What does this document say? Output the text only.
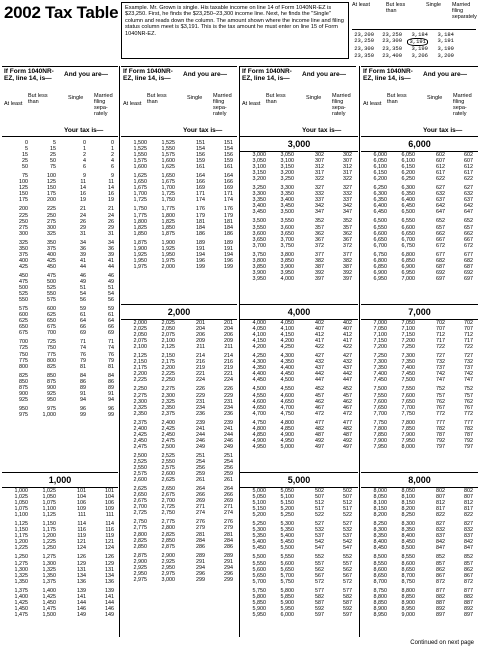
2002 Tax Table	Example. Mr. Grown is single. His taxable income on line 14 of Form 1040NR-EZ is $23,250. First, he finds the $23,250–23,300 income line. Next, he finds the "Single" column and reads down the column. The amount shown where the income line and filing status column meet is $3,191. This is the tax amount he must enter on line 15 of Form 1040NR-EZ.
At least	But less than
Single	Married filing separately
23,200	23,250	3,184	3,184
23,250	23,300	3,191	3,191
23,300	23,350	3,199	3,199
23,350	23,400	3,206	3,209
If Form 1040NR-EZ, line 14, is—
And you are—
At least
But less than
Single	Married filing sepa-rately
Your tax is—
If Form 1040NR-EZ, line 14, is—
And you are—
At least
But less than
Single	Married filing sepa-rately
Your tax is—
If Form 1040NR-EZ, line 14, is—
And you are—
At least
But less than
Single	Married filing sepa-rately
Your tax is—
If Form 1040NR-EZ, line 14, is—
And you are—
At least
But less than
Single	Married filing sepa-rately
Your tax is—
1,000
2,000
3,000
4,000
5,000
6,000
7,000
8,000
0	5	0	0
5	15	1	1
15	25	2	2
25	50	4	4
50	75	6	6
75	100	9	9
100	125	11	11
125	150	14	14
150	175	16	16
175	200	19	19
200	225	21	21
225	250	24	24
250	275	26	26
275	300	29	29
300	325	31	31
325	350	34	34
350	375	36	36
375	400	39	39
400	425	41	41
425	450	44	44
450	475	46	46
475	500	49	49
500	525	51	51
525	550	54	54
550	575	56	56
575	600	59	59
600	625	61	61
625	650	64	64
650	675	66	66
675	700	69	69
700	725	71	71
725	750	74	74
750	775	76	76
775	800	79	79
800	825	81	81
825	850	84	84
850	875	86	86
875	900	89	89
900	925	91	91
925	950	94	94
950	975	96	96
975	1,000	99	99
1,000	1,025	101	101
1,025	1,050	104	104
1,050	1,075	106	106
1,075	1,100	109	109
1,100	1,125	111	111
1,125	1,150	114	114
1,150	1,175	116	116
1,175	1,200	119	119
1,200	1,225	121	121
1,225	1,250	124	124
1,250	1,275	126	126
1,275	1,300	129	129
1,300	1,325	131	131
1,325	1,350	134	134
1,350	1,375	136	136
1,375	1,400	139	139
1,400	1,425	141	141
1,425	1,450	144	144
1,450	1,475	146	146
1,475	1,500	149	149
1,500	1,525	151	151
1,525	1,550	154	154
1,550	1,575	156	156
1,575	1,600	159	159
1,600	1,625	161	161
1,625	1,650	164	164
1,650	1,675	166	166
1,675	1,700	169	169
1,700	1,725	171	171
1,725	1,750	174	174
1,750	1,775	176	176
1,775	1,800	179	179
1,800	1,825	181	181
1,825	1,850	184	184
1,850	1,875	186	186
1,875	1,900	189	189
1,900	1,925	191	191
1,925	1,950	194	194
1,950	1,975	196	196
1,975	2,000	199	199
2,000	2,025	201	201
2,025	2,050	204	204
2,050	2,075	206	206
2,075	2,100	209	209
2,100	2,125	211	211
2,125	2,150	214	214
2,150	2,175	216	216
2,175	2,200	219	219
2,200	2,225	221	221
2,225	2,250	224	224
2,250	2,275	226	226
2,275	2,300	229	229
2,300	2,325	231	231
2,325	2,350	234	234
2,350	2,375	236	236
2,375	2,400	239	239
2,400	2,425	241	241
2,425	2,450	244	244
2,450	2,475	246	246
2,475	2,500	249	249
2,500	2,525	251	251
2,525	2,550	254	254
2,550	2,575	256	256
2,575	2,600	259	259
2,600	2,625	261	261
2,625	2,650	264	264
2,650	2,675	266	266
2,675	2,700	269	269
2,700	2,725	271	271
2,725	2,750	274	274
2,750	2,775	276	276
2,775	2,800	279	279
2,800	2,825	281	281
2,825	2,850	284	284
2,850	2,875	286	286
2,875	2,900	289	289
2,900	2,925	291	291
2,925	2,950	294	294
2,950	2,975	296	296
2,975	3,000	299	299
3,000	3,050	302	302
3,050	3,100	307	307
3,100	3,150	312	312
3,150	3,200	317	317
3,200	3,250	322	322
3,250	3,300	327	327
3,300	3,350	332	332
3,350	3,400	337	337
3,400	3,450	342	342
3,450	3,500	347	347
3,500	3,550	352	352
3,550	3,600	357	357
3,600	3,650	362	362
3,650	3,700	367	367
3,700	3,750	372	372
3,750	3,800	377	377
3,800	3,850	382	382
3,850	3,900	387	387
3,900	3,950	392	392
3,950	4,000	397	397
4,000	4,050	402	402
4,050	4,100	407	407
4,100	4,150	412	412
4,150	4,200	417	417
4,200	4,250	422	422
4,250	4,300	427	427
4,300	4,350	432	432
4,350	4,400	437	437
4,400	4,450	442	442
4,450	4,500	447	447
4,500	4,550	452	452
4,550	4,600	457	457
4,600	4,650	462	462
4,650	4,700	467	467
4,700	4,750	472	472
4,750	4,800	477	477
4,800	4,850	482	482
4,850	4,900	487	487
4,900	4,950	492	492
4,950	5,000	497	497
5,000	5,050	502	502
5,050	5,100	507	507
5,100	5,150	512	512
5,150	5,200	517	517
5,200	5,250	522	522
5,250	5,300	527	527
5,300	5,350	532	532
5,350	5,400	537	537
5,400	5,450	542	542
5,450	5,500	547	547
5,500	5,550	552	552
5,550	5,600	557	557
5,600	5,650	562	562
5,650	5,700	567	567
5,700	5,750	572	572
5,750	5,800	577	577
5,800	5,850	582	582
5,850	5,900	587	587
5,900	5,950	592	592
5,950	6,000	597	597
6,000	6,050	602	602
6,050	6,100	607	607
6,100	6,150	612	612
6,150	6,200	617	617
6,200	6,250	622	622
6,250	6,300	627	627
6,300	6,350	632	632
6,350	6,400	637	637
6,400	6,450	642	642
6,450	6,500	647	647
6,500	6,550	652	652
6,550	6,600	657	657
6,600	6,650	662	662
6,650	6,700	667	667
6,700	6,750	672	672
6,750	6,800	677	677
6,800	6,850	682	682
6,850	6,900	687	687
6,900	6,950	692	692
6,950	7,000	697	697
7,000	7,050	702	702
7,050	7,100	707	707
7,100	7,150	712	712
7,150	7,200	717	717
7,200	7,250	722	722
7,250	7,300	727	727
7,300	7,350	732	732
7,350	7,400	737	737
7,400	7,450	742	742
7,450	7,500	747	747
7,500	7,550	752	752
7,550	7,600	757	757
7,600	7,650	762	762
7,650	7,700	767	767
7,700	7,750	772	772
7,750	7,800	777	777
7,800	7,850	782	782
7,850	7,900	787	787
7,900	7,950	792	792
7,950	8,000	797	797
8,000	8,050	802	802
8,050	8,100	807	807
8,100	8,150	812	812
8,150	8,200	817	817
8,200	8,250	822	822
8,250	8,300	827	827
8,300	8,350	832	832
8,350	8,400	837	837
8,400	8,450	842	842
8,450	8,500	847	847
8,500	8,550	852	852
8,550	8,600	857	857
8,600	8,650	862	862
8,650	8,700	867	867
8,700	8,750	872	872
8,750	8,800	877	877
8,800	8,850	882	882
8,850	8,900	887	887
8,900	8,950	892	892
8,950	9,000	897	897
Continued on next page
